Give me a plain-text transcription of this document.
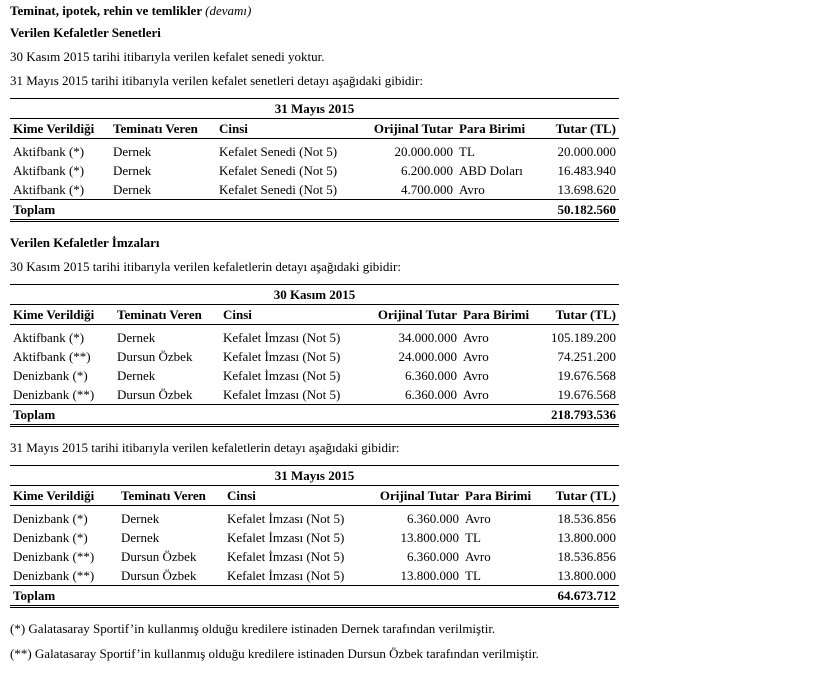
Teminat, ipotek, rehin ve temlikler (devamı)
Verilen Kefaletler Senetleri
30 Kasım 2015 tarihi itibarıyla verilen kefalet senedi yoktur.
31 Mayıs 2015 tarihi itibarıyla verilen kefalet senetleri detayı aşağıdaki gibidir:
31 Mayıs 2015
Kime Verildiği	Teminatı Veren	Cinsi	Orijinal Tutar	Para Birimi	Tutar (TL)
Aktifbank (*)	Dernek	Kefalet Senedi (Not 5)	20.000.000	TL	20.000.000
Aktifbank (*)	Dernek	Kefalet Senedi (Not 5)	6.200.000	ABD Doları	16.483.940
Aktifbank (*)	Dernek	Kefalet Senedi (Not 5)	4.700.000	Avro	13.698.620
Toplam					50.182.560
Verilen Kefaletler İmzaları
30 Kasım 2015 tarihi itibarıyla verilen kefaletlerin detayı aşağıdaki gibidir:
30 Kasım 2015
Kime Verildiği	Teminatı Veren	Cinsi	Orijinal Tutar	Para Birimi	Tutar (TL)
Aktifbank (*)	Dernek	Kefalet İmzası (Not 5)	34.000.000	Avro	105.189.200
Aktifbank (**)	Dursun Özbek	Kefalet İmzası (Not 5)	24.000.000	Avro	74.251.200
Denizbank (*)	Dernek	Kefalet İmzası (Not 5)	6.360.000	Avro	19.676.568
Denizbank (**)	Dursun Özbek	Kefalet İmzası (Not 5)	6.360.000	Avro	19.676.568
Toplam					218.793.536
31 Mayıs 2015 tarihi itibarıyla verilen kefaletlerin detayı aşağıdaki gibidir:
31 Mayıs 2015
Kime Verildiği	Teminatı Veren	Cinsi	Orijinal Tutar	Para Birimi	Tutar (TL)
Denizbank (*)	Dernek	Kefalet İmzası (Not 5)	6.360.000	Avro	18.536.856
Denizbank (*)	Dernek	Kefalet İmzası (Not 5)	13.800.000	TL	13.800.000
Denizbank (**)	Dursun Özbek	Kefalet İmzası (Not 5)	6.360.000	Avro	18.536.856
Denizbank (**)	Dursun Özbek	Kefalet İmzası (Not 5)	13.800.000	TL	13.800.000
Toplam					64.673.712
(*) Galatasaray Sportif’in kullanmış olduğu kredilere istinaden Dernek tarafından verilmiştir.
(**) Galatasaray Sportif’in kullanmış olduğu kredilere istinaden Dursun Özbek tarafından verilmiştir.
